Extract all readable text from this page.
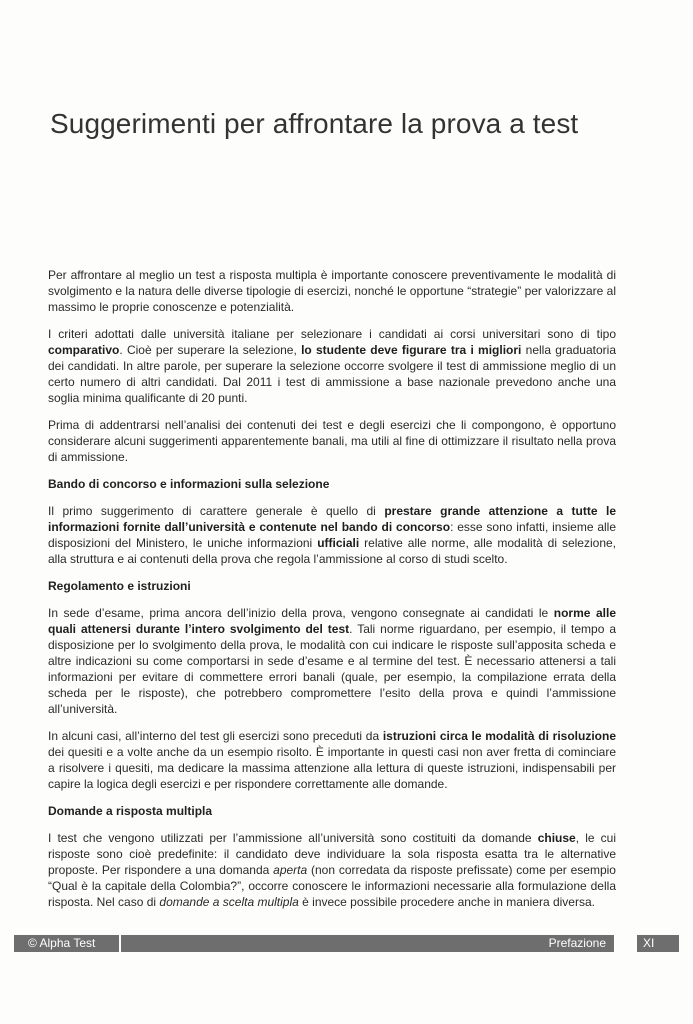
Suggerimenti per affrontare la prova a test

Per affrontare al meglio un test a risposta multipla è importante conoscere preventivamente le modalità di svolgimento e la natura delle diverse tipologie di esercizi, nonché le opportune “strategie” per valorizzare al massimo le proprie conoscenze e potenzialità.

I criteri adottati dalle università italiane per selezionare i candidati ai corsi universitari sono di tipo comparativo. Cioè per superare la selezione, lo studente deve figurare tra i migliori nella graduatoria dei candidati. In altre parole, per superare la selezione occorre svolgere il test di ammissione meglio di un certo numero di altri candidati. Dal 2011 i test di ammissione a base nazionale prevedono anche una soglia minima qualificante di 20 punti.

Prima di addentrarsi nell’analisi dei contenuti dei test e degli esercizi che li compongono, è opportuno considerare alcuni suggerimenti apparentemente banali, ma utili al fine di ottimizzare il risultato nella prova di ammissione.

Bando di concorso e informazioni sulla selezione

Il primo suggerimento di carattere generale è quello di prestare grande attenzione a tutte le informazioni fornite dall’università e contenute nel bando di concorso: esse sono infatti, insieme alle disposizioni del Ministero, le uniche informazioni ufficiali relative alle norme, alle modalità di selezione, alla struttura e ai contenuti della prova che regola l’ammissione al corso di studi scelto.

Regolamento e istruzioni

In sede d’esame, prima ancora dell’inizio della prova, vengono consegnate ai candidati le norme alle quali attenersi durante l’intero svolgimento del test. Tali norme riguardano, per esempio, il tempo a disposizione per lo svolgimento della prova, le modalità con cui indicare le risposte sull’apposita scheda e altre indicazioni su come comportarsi in sede d’esame e al termine del test. È necessario attenersi a tali informazioni per evitare di commettere errori banali (quale, per esempio, la compilazione errata della scheda per le risposte), che potrebbero compromettere l’esito della prova e quindi l’ammissione all’università.

In alcuni casi, all’interno del test gli esercizi sono preceduti da istruzioni circa le modalità di risoluzione dei quesiti e a volte anche da un esempio risolto. È importante in questi casi non aver fretta di cominciare a risolvere i quesiti, ma dedicare la massima attenzione alla lettura di queste istruzioni, indispensabili per capire la logica degli esercizi e per rispondere correttamente alle domande.

Domande a risposta multipla

I test che vengono utilizzati per l’ammissione all’università sono costituiti da domande chiuse, le cui risposte sono cioè predefinite: il candidato deve individuare la sola risposta esatta tra le alternative proposte. Per rispondere a una domanda aperta (non corredata da risposte prefissate) come per esempio “Qual è la capitale della Colombia?”, occorre conoscere le informazioni necessarie alla formulazione della risposta. Nel caso di domande a scelta multipla è invece possibile procedere anche in maniera diversa.

© Alpha Test	Prefazione	XI
